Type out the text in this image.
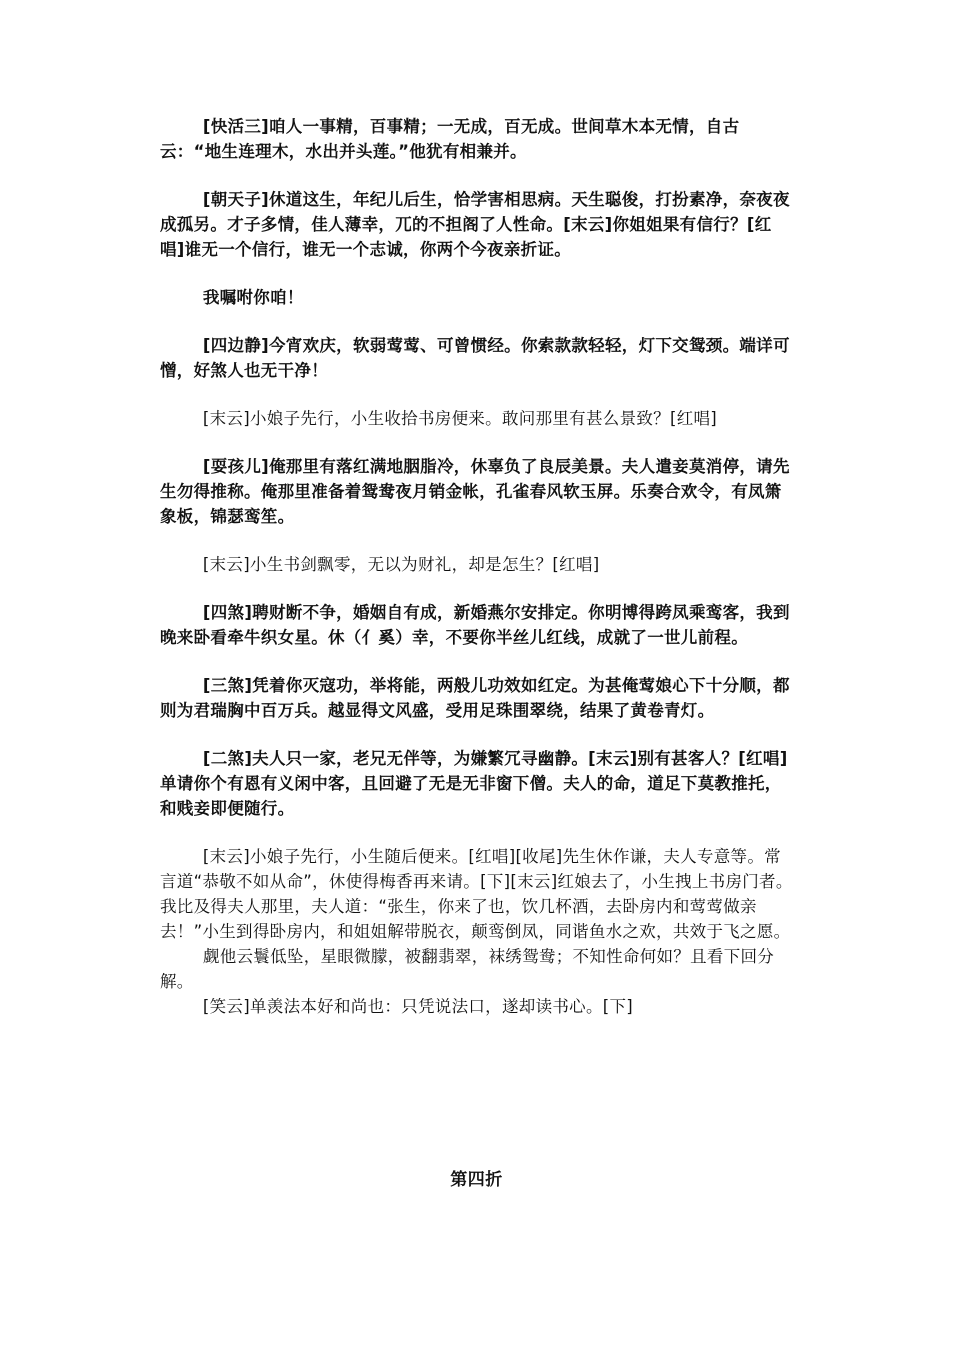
[快活三]咱人一事精，百事精；一无成，百无成。世间草木本无情，自古云：“地生连理木，水出并头莲。”他犹有相兼并。

[朝天子]休道这生，年纪儿后生，恰学害相思病。天生聪俊，打扮素净，奈夜夜成孤另。才子多情，佳人薄幸，兀的不担阁了人性命。[末云]你姐姐果有信行？[红唱]谁无一个信行，谁无一个志诚，你两个今夜亲折证。

我嘱咐你咱！

[四边静]今宵欢庆，软弱莺莺、可曾惯经。你索款款轻轻，灯下交鸳颈。端详可憎，好煞人也无干净！

[末云]小娘子先行，小生收拾书房便来。敢问那里有甚么景致？[红唱]

[耍孩儿]俺那里有落红满地胭脂冷，休辜负了良辰美景。夫人遣妾莫消停，请先生勿得推称。俺那里准备着鸳鸯夜月销金帐，孔雀春风软玉屏。乐奏合欢令，有凤箫象板，锦瑟鸾笙。

[末云]小生书剑飘零，无以为财礼，却是怎生？[红唱]

[四煞]聘财断不争，婚姻自有成，新婚燕尔安排定。你明博得跨凤乘鸾客，我到晚来卧看牵牛织女星。休（亻奚）幸，不要你半丝儿红线，成就了一世儿前程。

[三煞]凭着你灭寇功，举将能，两般儿功效如红定。为甚俺莺娘心下十分顺，都则为君瑞胸中百万兵。越显得文风盛，受用足珠围翠绕，结果了黄卷青灯。

[二煞]夫人只一家，老兄无伴等，为嫌繁冗寻幽静。[末云]别有甚客人？[红唱]单请你个有恩有义闲中客，且回避了无是无非窗下僧。夫人的命，道足下莫教推托，和贱妾即便随行。

[末云]小娘子先行，小生随后便来。[红唱][收尾]先生休作谦，夫人专意等。常言道“恭敬不如从命”，休使得梅香再来请。[下][末云]红娘去了，小生拽上书房门者。我比及得夫人那里，夫人道：“张生，你来了也，饮几杯酒，去卧房内和莺莺做亲去！”小生到得卧房内，和姐姐解带脱衣，颠鸾倒凤，同谐鱼水之欢，共效于飞之愿。

觑他云鬟低坠，星眼微朦，被翻翡翠，袜绣鸳鸯；不知性命何如？且看下回分解。

[笑云]单羡法本好和尚也：只凭说法口，遂却读书心。[下]

第四折
